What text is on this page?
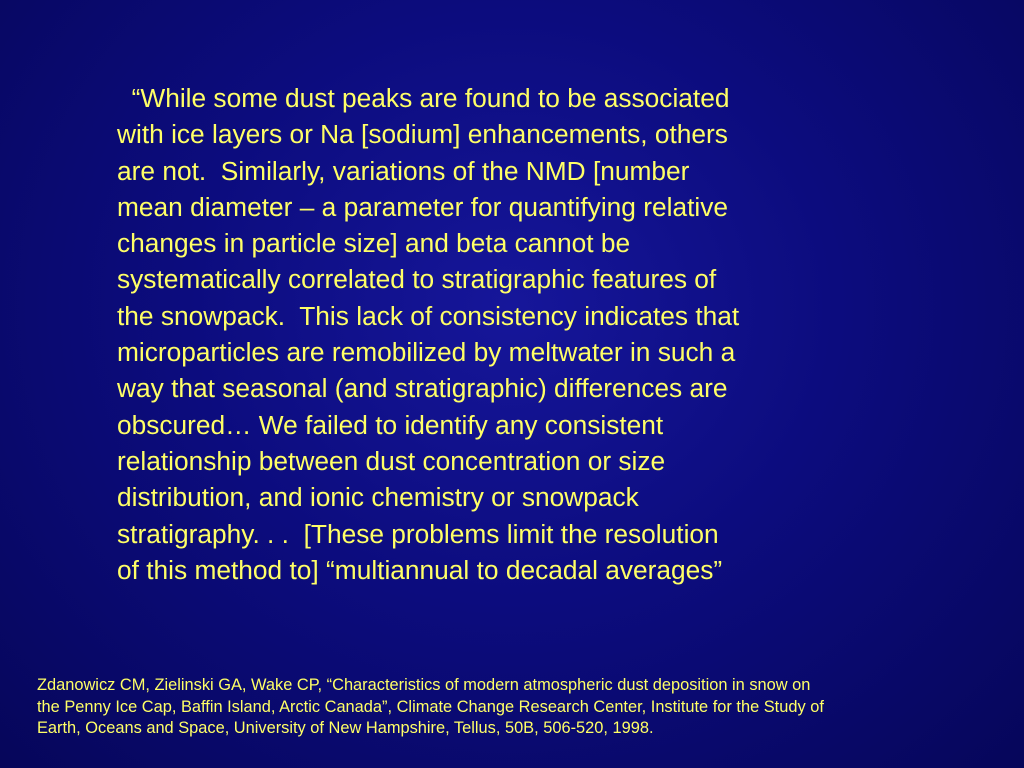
“While some dust peaks are found to be associated
with ice layers or Na [sodium] enhancements, others
are not.  Similarly, variations of the NMD [number
mean diameter – a parameter for quantifying relative
changes in particle size] and beta cannot be
systematically correlated to stratigraphic features of
the snowpack.  This lack of consistency indicates that
microparticles are remobilized by meltwater in such a
way that seasonal (and stratigraphic) differences are
obscured… We failed to identify any consistent
relationship between dust concentration or size
distribution, and ionic chemistry or snowpack
stratigraphy. . .  [These problems limit the resolution
of this method to] “multiannual to decadal averages”
Zdanowicz CM, Zielinski GA, Wake CP, “Characteristics of modern atmospheric dust deposition in snow on
the Penny Ice Cap, Baffin Island, Arctic Canada”, Climate Change Research Center, Institute for the Study of
Earth, Oceans and Space, University of New Hampshire, Tellus, 50B, 506-520, 1998.
